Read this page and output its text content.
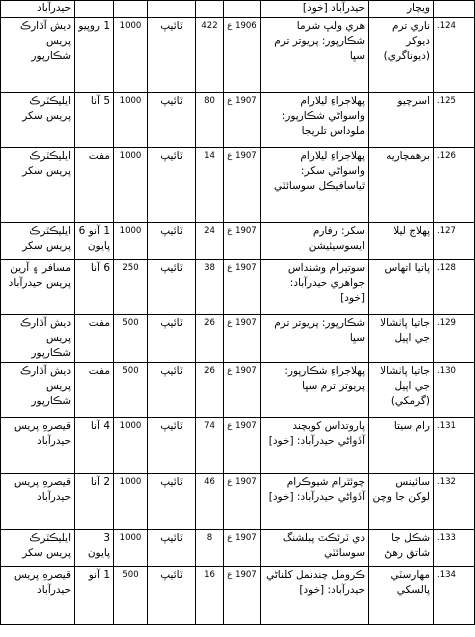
	ويچار	حيدرآباد [خود]						حيدرآباد
.124	ناري ترم ديوکر (ديوناگري)	هري ولڀ شرما شڪارپور: پريوتر ترم سڀا	1906 ع	422	ٽائيپ	1000	1 روپيو	ديش آڌارڪ پريس شڪارپور
.125	اسرچيو	پهلاجراءِ ليلارام واسواڻي شڪارپور: ملوداس تلريجا	1907 ع	80	ٽائيپ	1000	5 آنا	ايليڪٽرڪ پريس سکر
.126	برهمچاريه	پهلاجراءِ ليلارام واسواڻي سکر: ٿياسافيڪل سوسائٽي	1907 ع	14	ٽائيپ	1000	مفت	ايليڪٽرڪ پريس سکر
.127	پهلاج ليلا	سکر: رفارم ايسوسيئيشن	1907 ع	24	ٽائيپ	1000	1 آنو 6 پايون	ايليڪٽرڪ پريس سکر
.128	پاتيا اتهاس	سوتيرام وشنداس جواهري حيدرآباد: [خود]	1907 ع	38	ٽائيپ	250	6 آنا	مسافر ۽ آرين پريس حيدرآباد
.129	جاتيا پاٺشالا جي اپيل	شڪارپور: پريوتر ترم سڀا	1907 ع	26	ٽائيپ	500	مفت	ديش آڌارڪ پريس شڪارپور
.130	جاتيا پاٺشالا جي اپيل (گرمکي)	پهلاجراءِ شڪارپور: پريوتر ترم سڀا	1907 ع	26	ٽائيپ	500	مفت	ديش آڌارڪ پريس شڪارپور
.131	رام سيتا	پاروتداس کوبچند آڏواڻي حيدرآباد: [خود]	1907 ع	74	ٽائيپ	1000	4 آنا	قيصرهِ پريس حيدرآباد
.132	سائينس لوکن جا وچن	چوئٿرام شيوڪرام آڏواڻي حيدرآباد: [خود]	1907 ع	46	ٽائيپ	1000	2 آنا	قيصرهِ پريس حيدرآباد
.133	شڪل جا شاتق رهڻ	دي ٽرئڪٽ پبلشنگ سوسائٽي	1907 ع	8	ٽائيپ	1000	3 پايون	ايليڪٽرڪ پريس سکر
.134	مهارسٽي پالسکي	ڪرومل چندنمل کلناڻي حيدرآباد: [خود]	1907 ع	16	ٽائيپ	500	1 آنو	قيصرهِ پريس حيدرآباد
